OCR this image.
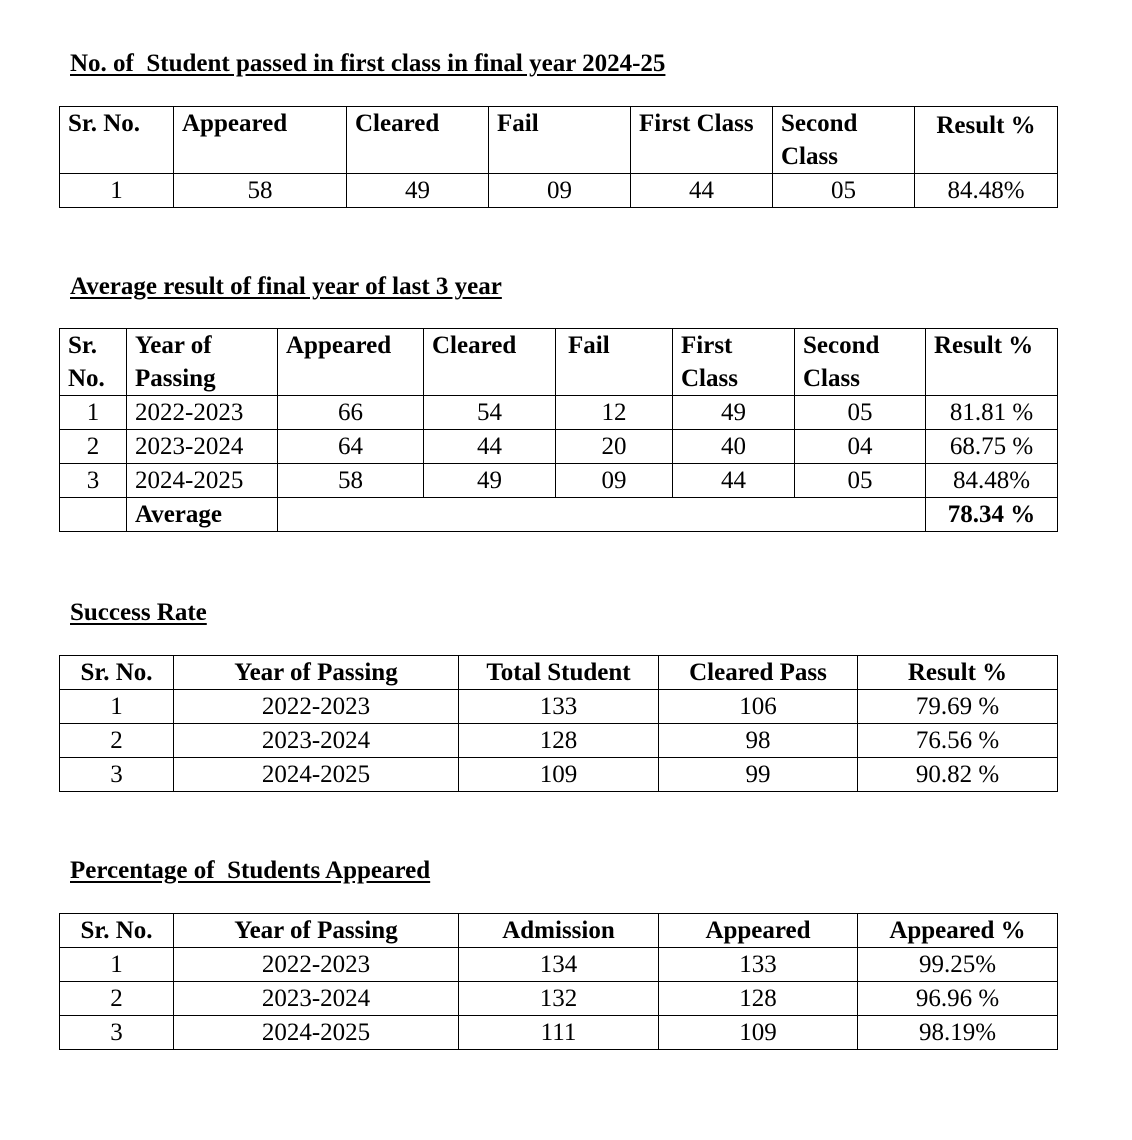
No. of  Student passed in first class in final year 2024-25
Sr. No.	Appeared	Cleared	Fail	First Class	Second Class	Result %
1	58	49	09	44	05	84.48%
Average result of final year of last 3 year
Sr. No.	Year of Passing	Appeared	Cleared	Fail	First Class	Second Class	Result %
1	2022-2023	66	54	12	49	05	81.81 %
2	2023-2024	64	44	20	40	04	68.75 %
3	2024-2025	58	49	09	44	05	84.48%
	Average						78.34 %
Success Rate
Sr. No.	Year of Passing	Total Student	Cleared Pass	Result %
1	2022-2023	133	106	79.69 %
2	2023-2024	128	98	76.56 %
3	2024-2025	109	99	90.82 %
Percentage of  Students Appeared
Sr. No.	Year of Passing	Admission	Appeared	Appeared %
1	2022-2023	134	133	99.25%
2	2023-2024	132	128	96.96 %
3	2024-2025	111	109	98.19%
